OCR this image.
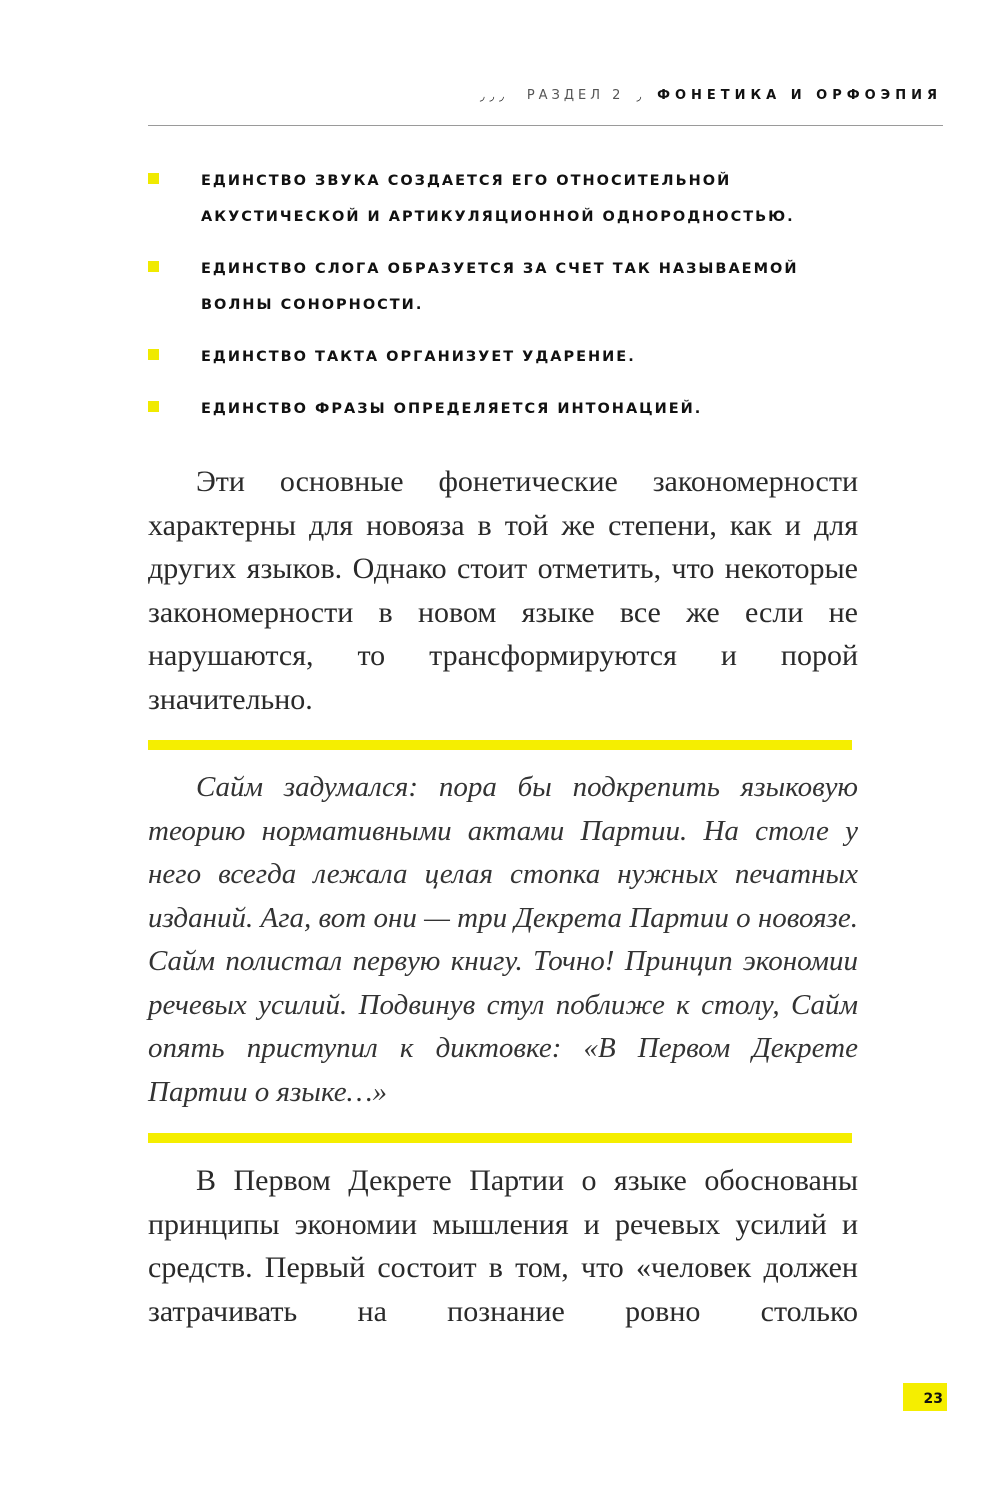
◞◞◞ РАЗДЕЛ 2 ◞ ФОНЕТИКА И ОРФОЭПИЯ
ЕДИНСТВО ЗВУКА СОЗДАЕТСЯ ЕГО ОТНОСИТЕЛЬНОЙ АКУСТИЧЕСКОЙ И АРТИКУЛЯЦИОННОЙ ОДНОРОДНОСТЬЮ.
ЕДИНСТВО СЛОГА ОБРАЗУЕТСЯ ЗА СЧЕТ ТАК НАЗЫВАЕМОЙ ВОЛНЫ СОНОРНОСТИ.
ЕДИНСТВО ТАКТА ОРГАНИЗУЕТ УДАРЕНИЕ.
ЕДИНСТВО ФРАЗЫ ОПРЕДЕЛЯЕТСЯ ИНТОНАЦИЕЙ.

Эти основные фонетические закономерности характерны для новояза в той же степени, как и для других языков. Однако стоит отметить, что некоторые закономерности в новом языке все же если не нарушаются, то трансформируются и порой значительно.

Сайм задумался: пора бы подкрепить языковую теорию нормативными актами Партии. На столе у него всегда лежала целая стопка нужных печатных изданий. Ага, вот они — три Декрета Партии о новоязе. Сайм полистал первую книгу. Точно! Принцип экономии речевых усилий. Подвинув стул поближе к столу, Сайм опять приступил к диктовке: «В Первом Декрете Партии о языке…»

В Первом Декрете Партии о языке обоснованы принципы экономии мышления и речевых усилий и средств. Первый состоит в том, что «человек должен затрачивать на познание ровно столько

23
